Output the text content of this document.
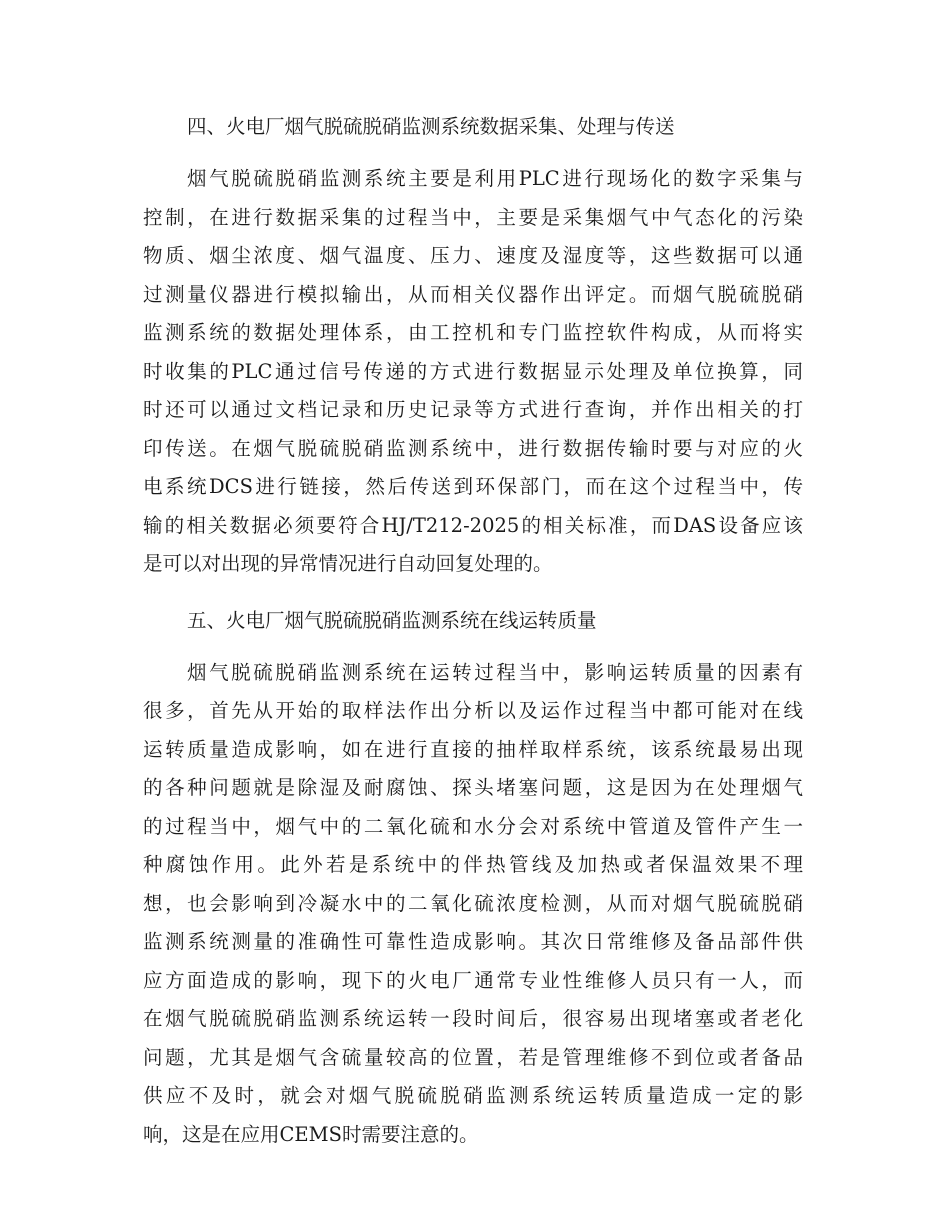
四、火电厂烟气脱硫脱硝监测系统数据采集、处理与传送
烟气脱硫脱硝监测系统主要是利用PLC进行现场化的数字采集与
控制，在进行数据采集的过程当中，主要是采集烟气中气态化的污染
物质、烟尘浓度、烟气温度、压力、速度及湿度等，这些数据可以通
过测量仪器进行模拟输出，从而相关仪器作出评定。而烟气脱硫脱硝
监测系统的数据处理体系，由工控机和专门监控软件构成，从而将实
时收集的PLC通过信号传递的方式进行数据显示处理及单位换算，同
时还可以通过文档记录和历史记录等方式进行查询，并作出相关的打
印传送。在烟气脱硫脱硝监测系统中，进行数据传输时要与对应的火
电系统DCS进行链接，然后传送到环保部门，而在这个过程当中，传
输的相关数据必须要符合HJ/T212-2025的相关标准，而DAS设备应该
是可以对出现的异常情况进行自动回复处理的。
五、火电厂烟气脱硫脱硝监测系统在线运转质量
烟气脱硫脱硝监测系统在运转过程当中，影响运转质量的因素有
很多，首先从开始的取样法作出分析以及运作过程当中都可能对在线
运转质量造成影响，如在进行直接的抽样取样系统，该系统最易出现
的各种问题就是除湿及耐腐蚀、探头堵塞问题，这是因为在处理烟气
的过程当中，烟气中的二氧化硫和水分会对系统中管道及管件产生一
种腐蚀作用。此外若是系统中的伴热管线及加热或者保温效果不理
想，也会影响到冷凝水中的二氧化硫浓度检测，从而对烟气脱硫脱硝
监测系统测量的准确性可靠性造成影响。其次日常维修及备品部件供
应方面造成的影响，现下的火电厂通常专业性维修人员只有一人，而
在烟气脱硫脱硝监测系统运转一段时间后，很容易出现堵塞或者老化
问题，尤其是烟气含硫量较高的位置，若是管理维修不到位或者备品
供应不及时，就会对烟气脱硫脱硝监测系统运转质量造成一定的影
响，这是在应用CEMS时需要注意的。
